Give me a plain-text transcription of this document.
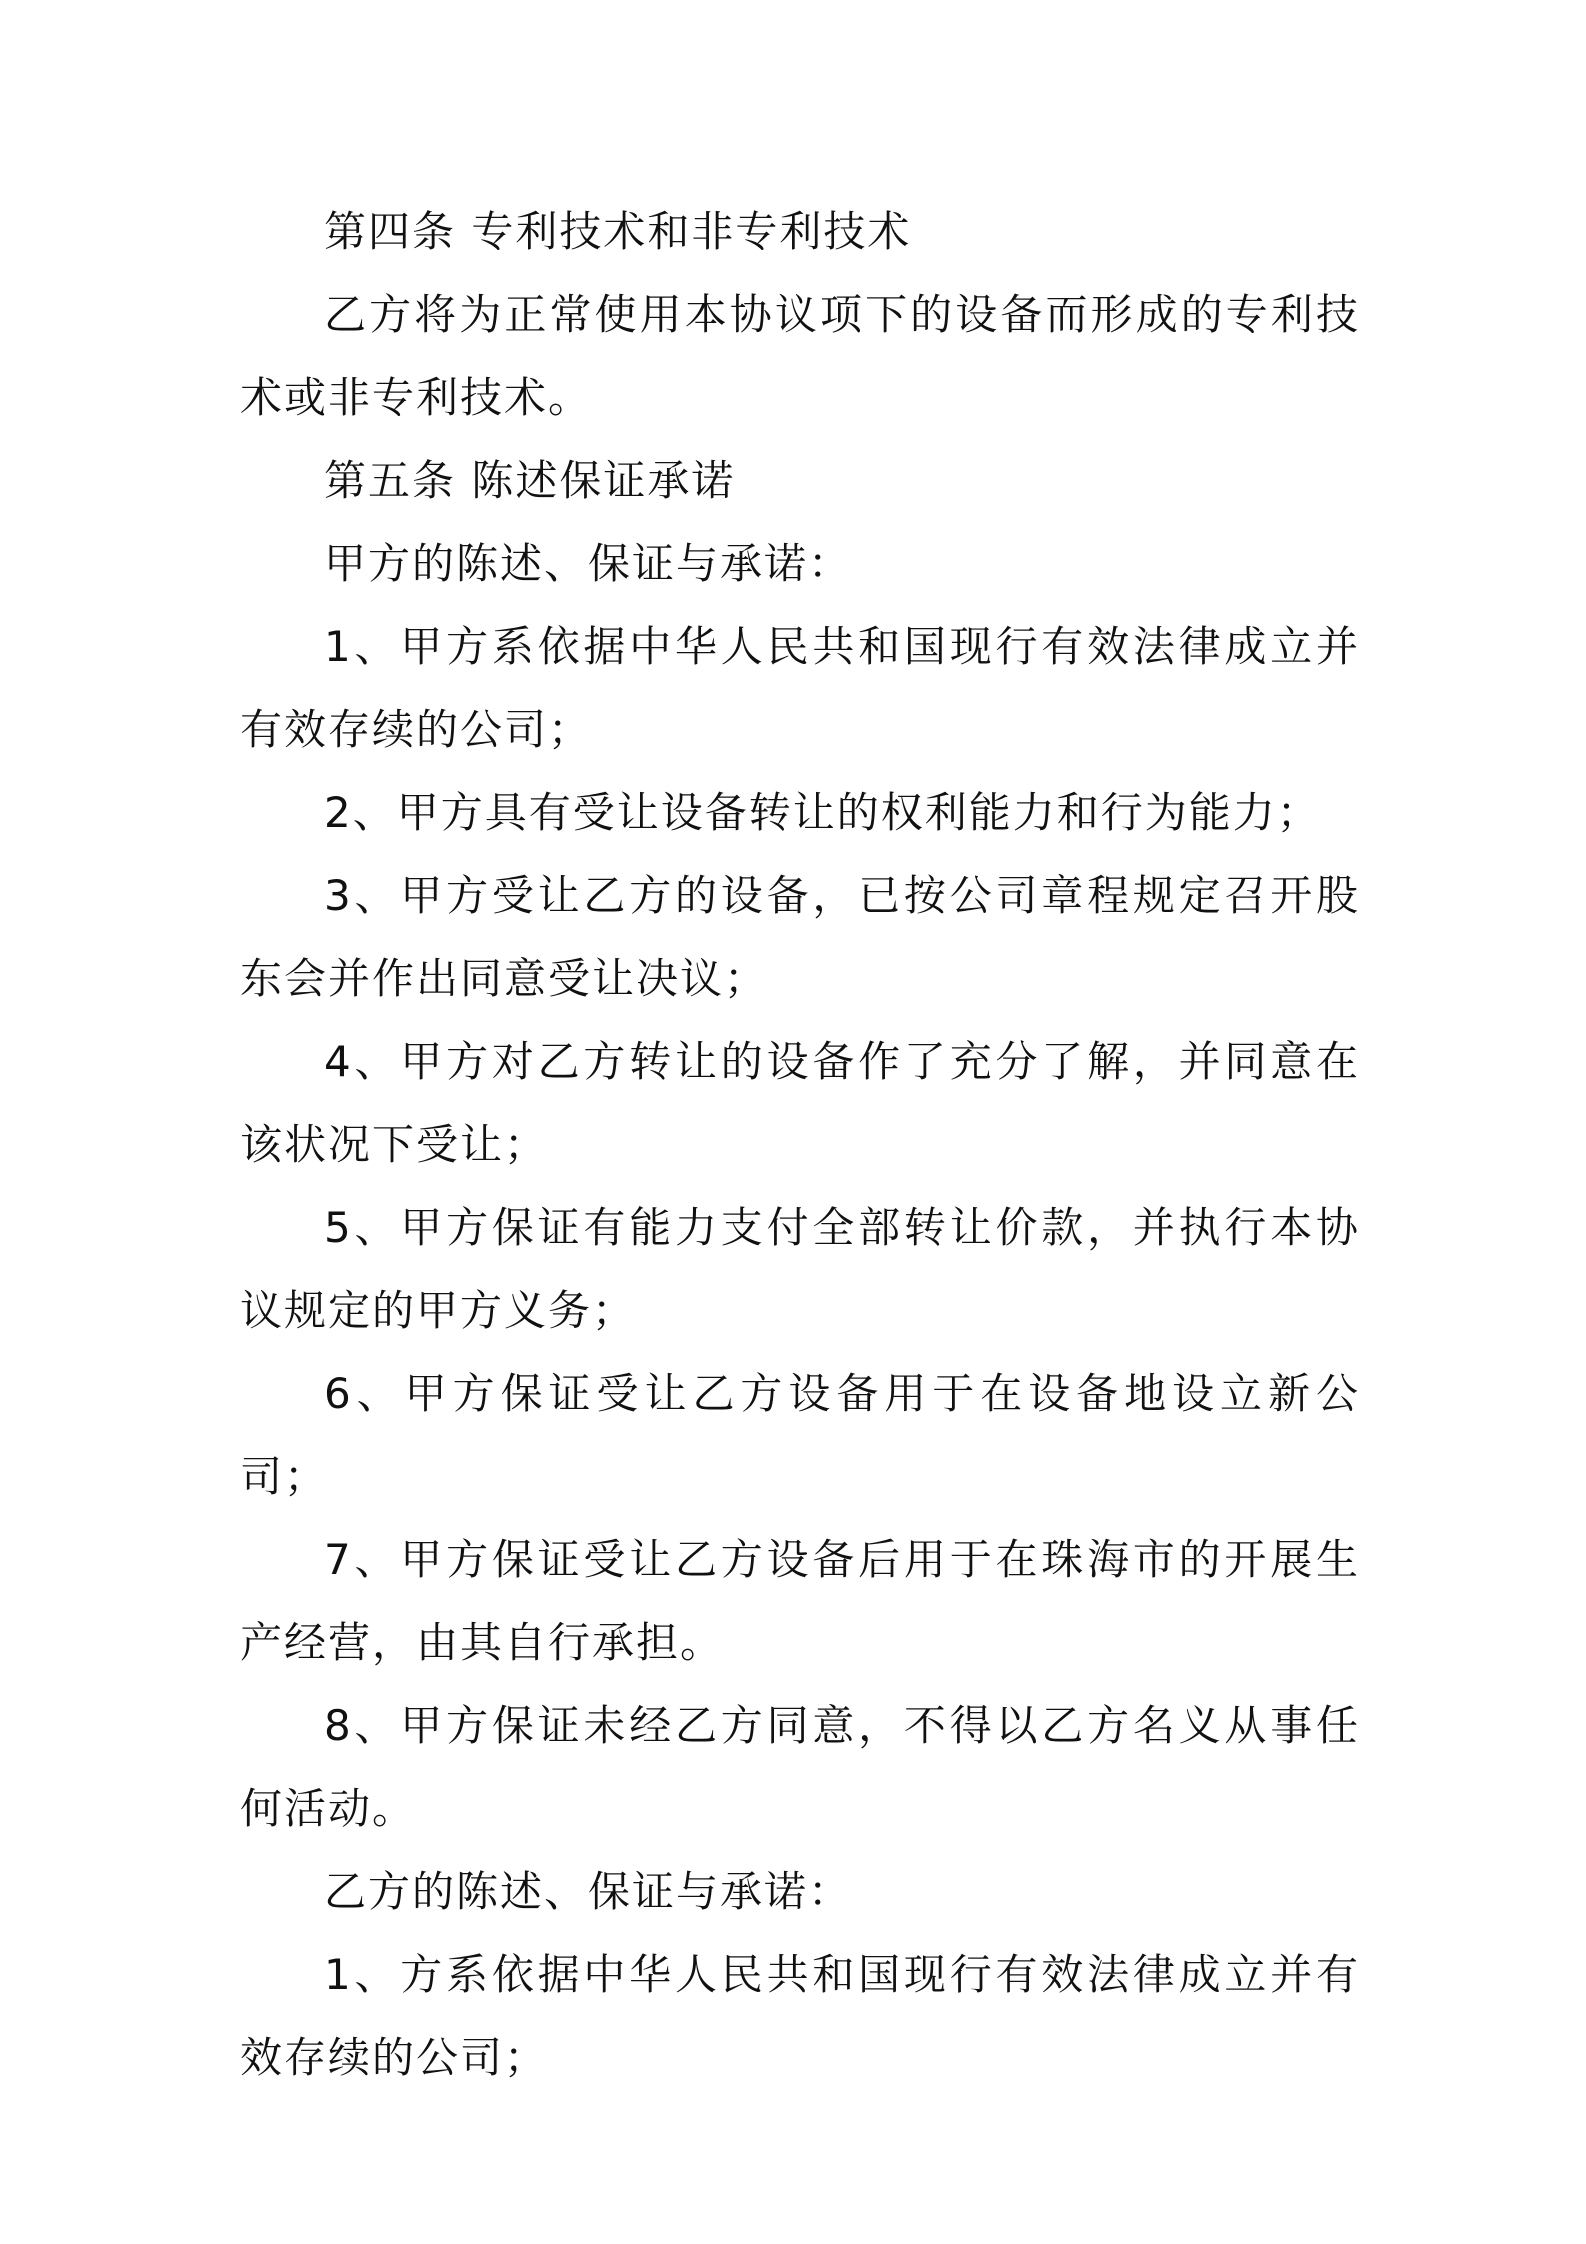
第四条 专利技术和非专利技术

乙方将为正常使用本协议项下的设备而形成的专利技术或非专利技术。

第五条 陈述保证承诺

甲方的陈述、保证与承诺：

1、甲方系依据中华人民共和国现行有效法律成立并有效存续的公司；

2、甲方具有受让设备转让的权利能力和行为能力；

3、甲方受让乙方的设备，已按公司章程规定召开股东会并作出同意受让决议；

4、甲方对乙方转让的设备作了充分了解，并同意在该状况下受让；

5、甲方保证有能力支付全部转让价款，并执行本协议规定的甲方义务；

6、甲方保证受让乙方设备用于在设备地设立新公司；

7、甲方保证受让乙方设备后用于在珠海市的开展生产经营，由其自行承担。

8、甲方保证未经乙方同意，不得以乙方名义从事任何活动。

乙方的陈述、保证与承诺：

1、方系依据中华人民共和国现行有效法律成立并有效存续的公司；
